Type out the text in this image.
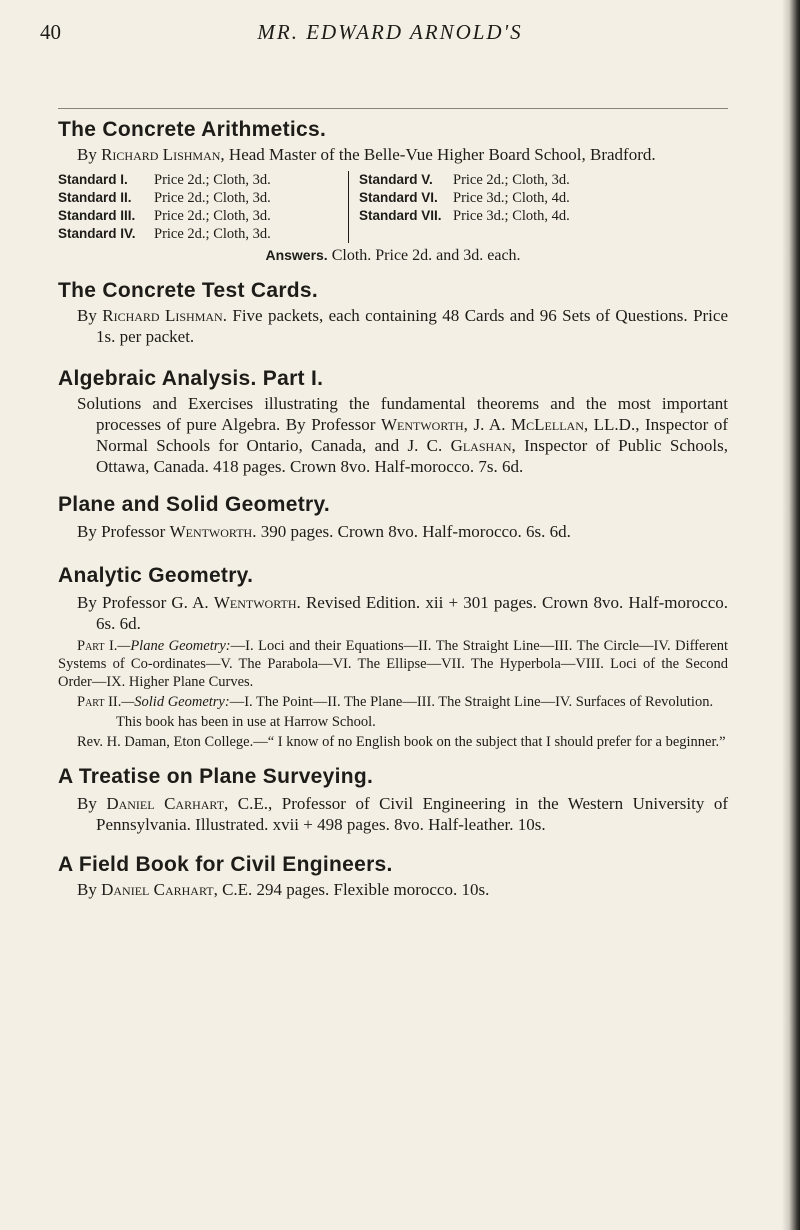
40	MR. EDWARD ARNOLD'S
The Concrete Arithmetics.

By Richard Lishman, Head Master of the Belle-Vue Higher Board School, Bradford.

Standard I.	Price 2d.; Cloth, 3d.
Standard II.	Price 2d.; Cloth, 3d.
Standard III.	Price 2d.; Cloth, 3d.
Standard IV.	Price 2d.; Cloth, 3d.
Standard V.	Price 2d.; Cloth, 3d.
Standard VI.	Price 3d.; Cloth, 4d.
Standard VII. Price 3d.; Cloth, 4d.
Answers. Cloth. Price 2d. and 3d. each.
The Concrete Test Cards.

By Richard Lishman. Five packets, each containing 48 Cards and 96 Sets of Questions. Price 1s. per packet.

Algebraic Analysis. Part I.

Solutions and Exercises illustrating the fundamental theorems and the most important processes of pure Algebra. By Professor Wentworth, J. A. McLellan, LL.D., Inspector of Normal Schools for Ontario, Canada, and J. C. Glashan, Inspector of Public Schools, Ottawa, Canada. 418 pages. Crown 8vo. Half-morocco. 7s. 6d.

Plane and Solid Geometry.

By Professor Wentworth. 390 pages. Crown 8vo. Half-morocco. 6s. 6d.

Analytic Geometry.

By Professor G. A. Wentworth. Revised Edition. xii + 301 pages. Crown 8vo. Half-morocco. 6s. 6d.

Part I.—Plane Geometry:—I. Loci and their Equations—II. The Straight Line—III. The Circle—IV. Different Systems of Co-ordinates—V. The Parabola—VI. The Ellipse—VII. The Hyperbola—VIII. Loci of the Second Order—IX. Higher Plane Curves.

Part II.—Solid Geometry:—I. The Point—II. The Plane—III. The Straight Line—IV. Surfaces of Revolution.

This book has been in use at Harrow School.

Rev. H. Daman, Eton College.—“ I know of no English book on the subject that I should prefer for a beginner.”

A Treatise on Plane Surveying.

By Daniel Carhart, C.E., Professor of Civil Engineering in the Western University of Pennsylvania. Illustrated. xvii + 498 pages. 8vo. Half-leather. 10s.

A Field Book for Civil Engineers.

By Daniel Carhart, C.E. 294 pages. Flexible morocco. 10s.
